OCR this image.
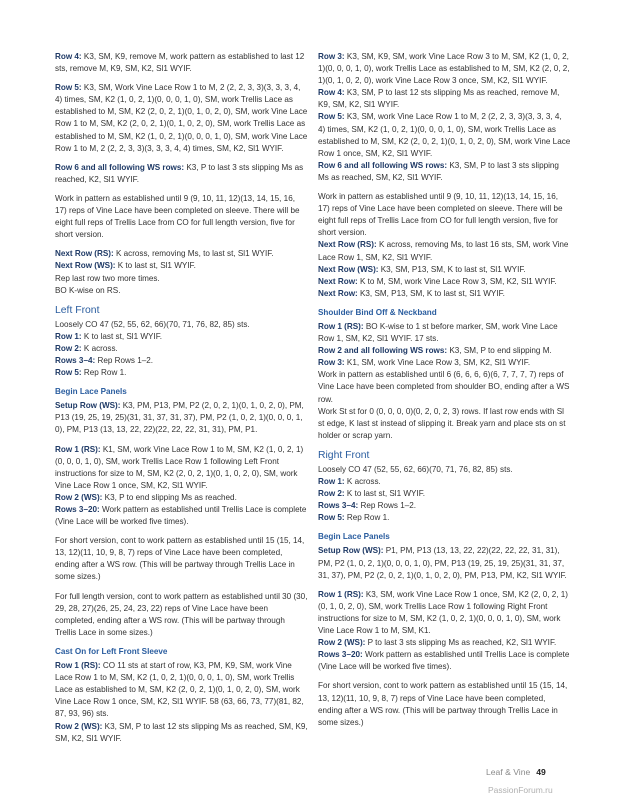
Row 4: K3, SM, K9, remove M, work pattern as established to last 12 sts, remove M, K9, SM, K2, Sl1 WYIF.
Row 5: K3, SM, Work Vine Lace Row 1 to M, 2 (2, 2, 3, 3)(3, 3, 3, 4, 4) times, SM, K2 (1, 0, 2, 1)(0, 0, 0, 1, 0), SM, work Trellis Lace as established to M, SM, K2 (2, 0, 2, 1)(0, 1, 0, 2, 0), SM, work Vine Lace Row 1 to M, SM, K2 (2, 0, 2, 1)(0, 1, 0, 2, 0), SM, work Trellis Lace as established to M, SM, K2 (1, 0, 2, 1)(0, 0, 0, 1, 0), SM, work Vine Lace Row 1 to M, 2 (2, 2, 3, 3)(3, 3, 3, 4, 4) times, SM, K2, Sl1 WYIF.
Row 6 and all following WS rows: K3, P to last 3 sts slipping Ms as reached, K2, Sl1 WYIF.
Work in pattern as established until 9 (9, 10, 11, 12)(13, 14, 15, 16, 17) reps of Vine Lace have been completed on sleeve. There will be eight full reps of Trellis Lace from CO for full length version, five for short version.
Next Row (RS): K across, removing Ms, to last st, Sl1 WYIF.
Next Row (WS): K to last st, Sl1 WYIF.
Rep last row two more times.
BO K-wise on RS.
Left Front
Loosely CO 47 (52, 55, 62, 66)(70, 71, 76, 82, 85) sts.
Row 1: K to last st, Sl1 WYIF.
Row 2: K across.
Rows 3–4: Rep Rows 1–2.
Row 5: Rep Row 1.
Begin Lace Panels
Setup Row (WS): K3, PM, P13, PM, P2 (2, 0, 2, 1)(0, 1, 0, 2, 0), PM, P13 (19, 25, 19, 25)(31, 31, 37, 31, 37), PM, P2 (1, 0, 2, 1)(0, 0, 0, 1, 0), PM, P13 (13, 13, 22, 22)(22, 22, 22, 31, 31), PM, P1.
Row 1 (RS): K1, SM, work Vine Lace Row 1 to M, SM, K2 (1, 0, 2, 1)(0, 0, 0, 1, 0), SM, work Trellis Lace Row 1 following Left Front instructions for size to M, SM, K2 (2, 0, 2, 1)(0, 1, 0, 2, 0), SM, work Vine Lace Row 1 once, SM, K2, Sl1 WYIF.
Row 2 (WS): K3, P to end slipping Ms as reached.
Rows 3–20: Work pattern as established until Trellis Lace is complete (Vine Lace will be worked five times).
For short version, cont to work pattern as established until 15 (15, 14, 13, 12)(11, 10, 9, 8, 7) reps of Vine Lace have been completed, ending after a WS row. (This will be partway through Trellis Lace in some sizes.)
For full length version, cont to work pattern as established until 30 (30, 29, 28, 27)(26, 25, 24, 23, 22) reps of Vine Lace have been completed, ending after a WS row. (This will be partway through Trellis Lace in some sizes.)
Cast On for Left Front Sleeve
Row 1 (RS): CO 11 sts at start of row, K3, PM, K9, SM, work Vine Lace Row 1 to M, SM, K2 (1, 0, 2, 1)(0, 0, 0, 1, 0), SM, work Trellis Lace as established to M, SM, K2 (2, 0, 2, 1)(0, 1, 0, 2, 0), SM, work Vine Lace Row 1 once, SM, K2, Sl1 WYIF. 58 (63, 66, 73, 77)(81, 82, 87, 93, 96) sts.
Row 2 (WS): K3, SM, P to last 12 sts slipping Ms as reached, SM, K9, SM, K2, Sl1 WYIF.
Row 3: K3, SM, K9, SM, work Vine Lace Row 3 to M, SM, K2 (1, 0, 2, 1)(0, 0, 0, 1, 0), work Trellis Lace as established to M, SM, K2 (2, 0, 2, 1)(0, 1, 0, 2, 0), work Vine Lace Row 3 once, SM, K2, Sl1 WYIF.
Row 4: K3, SM, P to last 12 sts slipping Ms as reached, remove M, K9, SM, K2, Sl1 WYIF.
Row 5: K3, SM, work Vine Lace Row 1 to M, 2 (2, 2, 3, 3)(3, 3, 3, 4, 4) times, SM, K2 (1, 0, 2, 1)(0, 0, 0, 1, 0), SM, work Trellis Lace as established to M, SM, K2 (2, 0, 2, 1)(0, 1, 0, 2, 0), SM, work Vine Lace Row 1 once, SM, K2, Sl1 WYIF.
Row 6 and all following WS rows: K3, SM, P to last 3 sts slipping Ms as reached, SM, K2, Sl1 WYIF.
Work in pattern as established until 9 (9, 10, 11, 12)(13, 14, 15, 16, 17) reps of Vine Lace have been completed on sleeve. There will be eight full reps of Trellis Lace from CO for full length version, five for short version.
Next Row (RS): K across, removing Ms, to last 16 sts, SM, work Vine Lace Row 1, SM, K2, Sl1 WYIF.
Next Row (WS): K3, SM, P13, SM, K to last st, Sl1 WYIF.
Next Row: K to M, SM, work Vine Lace Row 3, SM, K2, Sl1 WYIF.
Next Row: K3, SM, P13, SM, K to last st, Sl1 WYIF.
Shoulder Bind Off & Neckband
Row 1 (RS): BO K-wise to 1 st before marker, SM, work Vine Lace Row 1, SM, K2, Sl1 WYIF. 17 sts.
Row 2 and all following WS rows: K3, SM, P to end slipping M.
Row 3: K1, SM, work Vine Lace Row 3, SM, K2, Sl1 WYIF.
Work in pattern as established until 6 (6, 6, 6, 6)(6, 7, 7, 7, 7) reps of Vine Lace have been completed from shoulder BO, ending after a WS row.
Work St st for 0 (0, 0, 0, 0)(0, 2, 0, 2, 3) rows. If last row ends with Sl st edge, K last st instead of slipping it. Break yarn and place sts on st holder or scrap yarn.
Right Front
Loosely CO 47 (52, 55, 62, 66)(70, 71, 76, 82, 85) sts.
Row 1: K across.
Row 2: K to last st, Sl1 WYIF.
Rows 3–4: Rep Rows 1–2.
Row 5: Rep Row 1.
Begin Lace Panels
Setup Row (WS): P1, PM, P13 (13, 13, 22, 22)(22, 22, 22, 31, 31), PM, P2 (1, 0, 2, 1)(0, 0, 0, 1, 0), PM, P13 (19, 25, 19, 25)(31, 31, 37, 31, 37), PM, P2 (2, 0, 2, 1)(0, 1, 0, 2, 0), PM, P13, PM, K2, Sl1 WYIF.
Row 1 (RS): K3, SM, work Vine Lace Row 1 once, SM, K2 (2, 0, 2, 1)(0, 1, 0, 2, 0), SM, work Trellis Lace Row 1 following Right Front instructions for size to M, SM, K2 (1, 0, 2, 1)(0, 0, 0, 1, 0), SM, work Vine Lace Row 1 to M, SM, K1.
Row 2 (WS): P to last 3 sts slipping Ms as reached, K2, Sl1 WYIF.
Rows 3–20: Work pattern as established until Trellis Lace is complete (Vine Lace will be worked five times).
For short version, cont to work pattern as established until 15 (15, 14, 13, 12)(11, 10, 9, 8, 7) reps of Vine Lace have been completed, ending after a WS row. (This will be partway through Trellis Lace in some sizes.)
Leaf & Vine 49
PassionForum.ru
